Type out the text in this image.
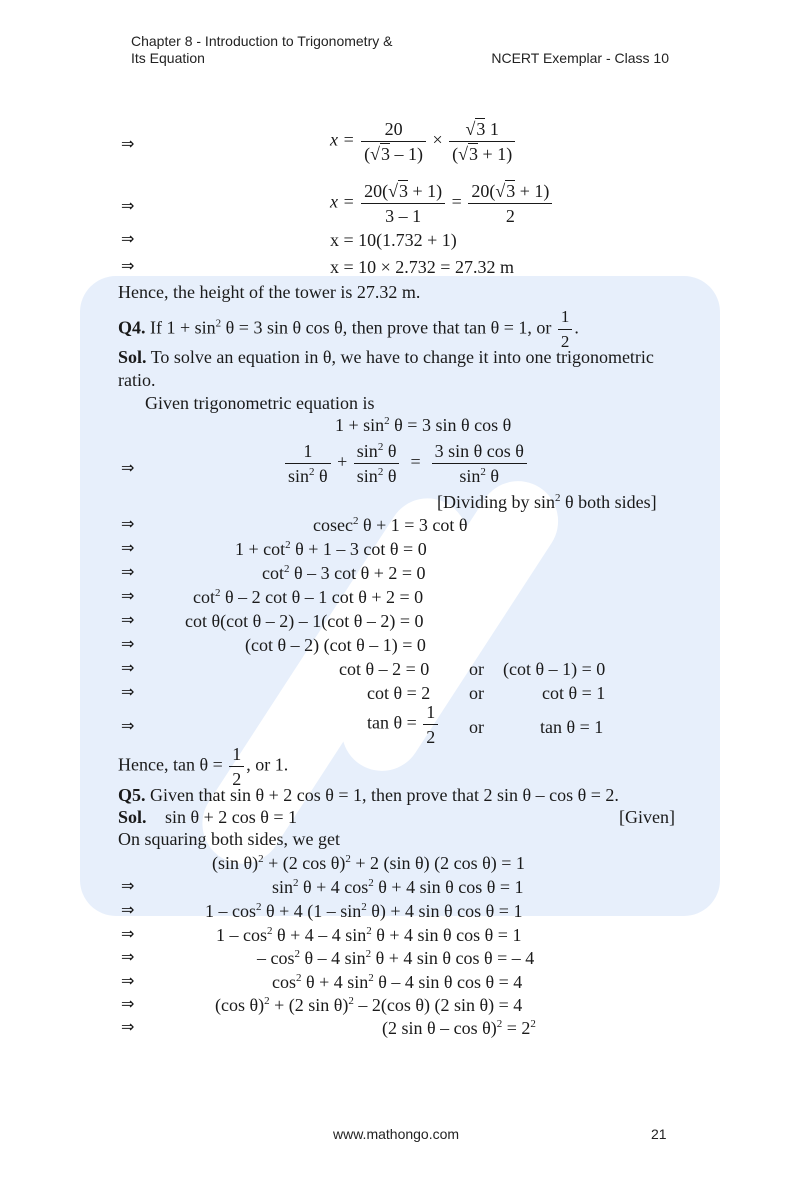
Chapter 8 - Introduction to Trigonometry &
Its Equation	NCERT Exemplar - Class 10
⇒	$x = \frac{20}{(√3 - 1)} \times \frac{√3 1}{(√3 + 1)}$
⇒	$x = \frac{20(√3 + 1)}{3 - 1} = \frac{20(√3 + 1)}{2}$
⇒	x = 10(1.732 + 1)
⇒	x = 10 × 2.732 = 27.32 m
Hence, the height of the tower is 27.32 m.
Q4. If $1 + \sin^2 \theta = 3$ sin θ cos θ, then prove that tan θ = 1, or $\frac{1}{2}$ .
Sol. To solve an equation in θ, we have to change it into one trigonometric
ratio.
Given trigonometric equation is
$1 + \sin^2 \theta = 3$ sin θ cos θ
⇒	$\frac{1}{\sin^2 \theta} + \frac{\sin^2 \theta}{\sin^2 \theta} = \frac{\text{3 sin θ cos θ}}{\sin^2 \theta}$
[Dividing by $\sin^2 \theta$ both sides]
⇒	cosec$^2$ θ + 1 = 3 cot θ
⇒	$1 + \cot^2 \theta + 1 - 3$ cot θ = 0
⇒	$\cot^2 \theta - 3$ cot θ + 2 = 0
⇒	$\cot^2 \theta - 2$ cot θ – 1 cot θ + 2 = 0
⇒	cot θ(cot θ – 2) – 1(cot θ – 2) = 0
⇒	(cot θ – 2) (cot θ – 1) = 0
⇒	cot θ – 2 = 0 or (cot θ – 1) = 0
⇒	cot θ = 2 or	cot θ = 1
⇒	$\tan \theta = \frac{1}{2}$ or	tan θ = 1
Hence, $\tan \theta = \frac{1}{2}$ , or 1.
Q5. Given that sin θ + 2 cos θ = 1, then prove that 2 sin θ – cos θ = 2.
Sol. sin θ + 2 cos θ = 1	[Given]
On squaring both sides, we get
(sin θ)$^2$ + (2 cos θ)$^2$ + 2 (sin θ) (2 cos θ) = 1
⇒	$\sin^2 \theta + 4$ $\cos^2 \theta + 4$ sin θ cos θ = 1
⇒	$1 - \cos^2 \theta + 4$ $(1 - \sin^2 \theta) + 4$ sin θ cos θ = 1
⇒	$1 - \cos^2 \theta + 4 - 4$ $\sin^2 \theta + 4$ sin θ cos θ = 1
⇒	– $\cos^2 \theta - 4$ $\sin^2 \theta + 4$ sin θ cos θ = – 4
⇒	$\cos^2 \theta + 4$ $\sin^2 \theta - 4$ sin θ cos θ = 4
⇒	(cos θ)$^2$ + (2 sin θ)$^2$ – 2(cos θ) (2 sin θ) = 4
⇒	(2 $\sin \theta - \cos \theta)^2 = 2^2$
www.mathongo.com	21
